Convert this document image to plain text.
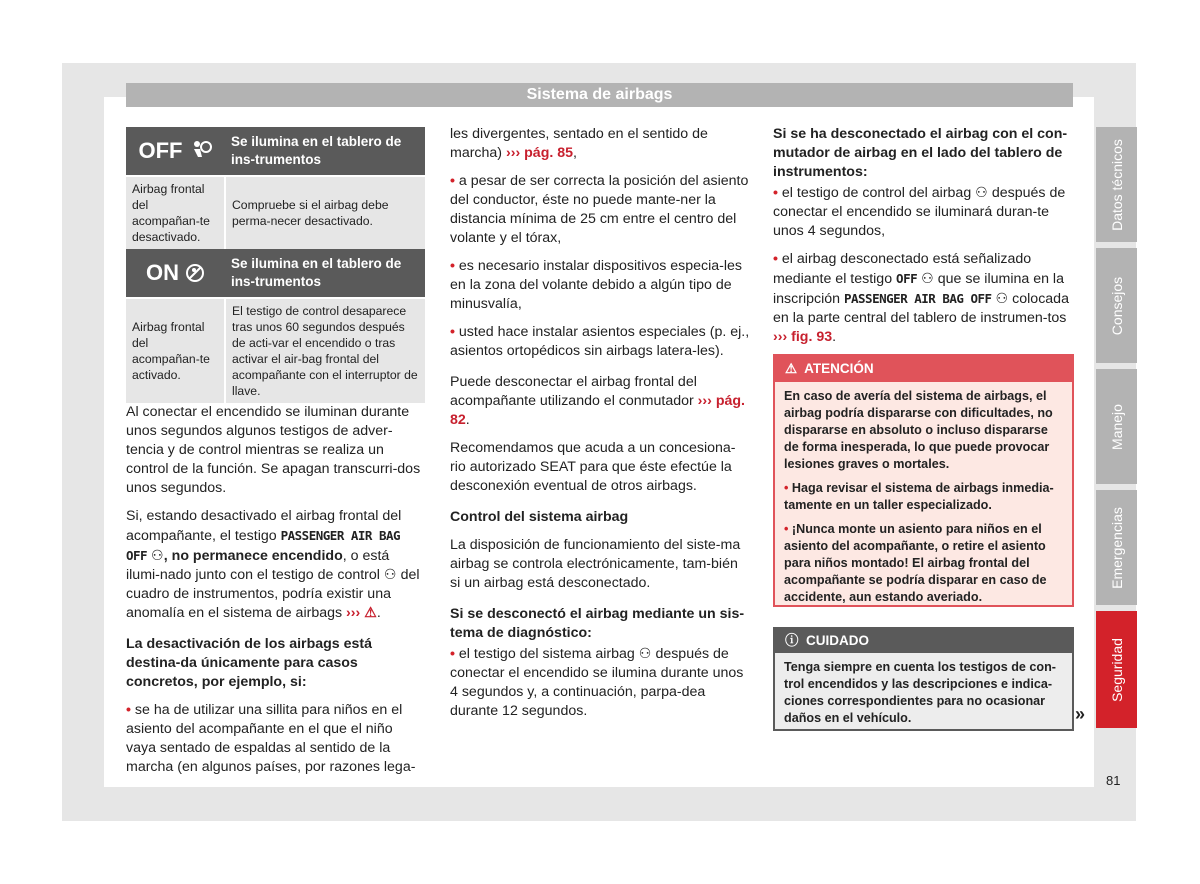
Sistema de airbags
OFF	Se ilumina en el tablero de ins-trumentos
Airbag frontal del acompañan-te desactivado.	Compruebe si el airbag debe perma-necer desactivado.
ON	Se ilumina en el tablero de ins-trumentos
Airbag frontal del acompañan-te activado.	El testigo de control desaparece tras unos 60 segundos después de acti-var el encendido o tras activar el air-bag frontal del acompañante con el interruptor de llave.

Al conectar el encendido se iluminan durante unos segundos algunos testigos de adver-tencia y de control mientras se realiza un control de la función. Se apagan transcurri-dos unos segundos.

Si, estando desactivado el airbag frontal del acompañante, el testigo PASSENGER AIR BAG OFF ⚇, no permanece encendido, o está ilumi-nado junto con el testigo de control ⚇ del cuadro de instrumentos, podría existir una anomalía en el sistema de airbags ››› ⚠.

La desactivación de los airbags está destina-da únicamente para casos concretos, por ejemplo, si:

• se ha de utilizar una sillita para niños en el asiento del acompañante en el que el niño vaya sentado de espaldas al sentido de la marcha (en algunos países, por razones lega-

les divergentes, sentado en el sentido de marcha) ››› pág. 85,

• a pesar de ser correcta la posición del asiento del conductor, éste no puede mante-ner la distancia mínima de 25 cm entre el centro del volante y el tórax,

• es necesario instalar dispositivos especia-les en la zona del volante debido a algún tipo de minusvalía,

• usted hace instalar asientos especiales (p. ej., asientos ortopédicos sin airbags latera-les).

Puede desconectar el airbag frontal del acompañante utilizando el conmutador ››› pág. 82.

Recomendamos que acuda a un concesiona-rio autorizado SEAT para que éste efectúe la desconexión eventual de otros airbags.

Control del sistema airbag

La disposición de funcionamiento del siste-ma airbag se controla electrónicamente, tam-bién si un airbag está desconectado.

Si se desconectó el airbag mediante un sis-tema de diagnóstico:

• el testigo del sistema airbag ⚇ después de conectar el encendido se ilumina durante unos 4 segundos y, a continuación, parpa-dea durante 12 segundos.

Si se ha desconectado el airbag con el con-mutador de airbag en el lado del tablero de instrumentos:

• el testigo de control del airbag ⚇ después de conectar el encendido se iluminará duran-te unos 4 segundos,

• el airbag desconectado está señalizado mediante el testigo OFF ⚇ que se ilumina en la inscripción PASSENGER AIR BAG OFF ⚇ colocada en la parte central del tablero de instrumen-tos ››› fig. 93.

⚠ ATENCIÓN

En caso de avería del sistema de airbags, el airbag podría dispararse con dificultades, no dispararse en absoluto o incluso dispararse de forma inesperada, lo que puede provocar lesiones graves o mortales.

• Haga revisar el sistema de airbags inmedia-tamente en un taller especializado.

• ¡Nunca monte un asiento para niños en el asiento del acompañante, o retire el asiento para niños montado! El airbag frontal del acompañante se podría disparar en caso de accidente, aun estando averiado.

ⓘ CUIDADO
Tenga siempre en cuenta los testigos de con-trol encendidos y las descripciones e indica-ciones correspondientes para no ocasionar daños en el vehículo.	»
Datos técnicos
Consejos
Manejo
Emergencias
Seguridad
81
